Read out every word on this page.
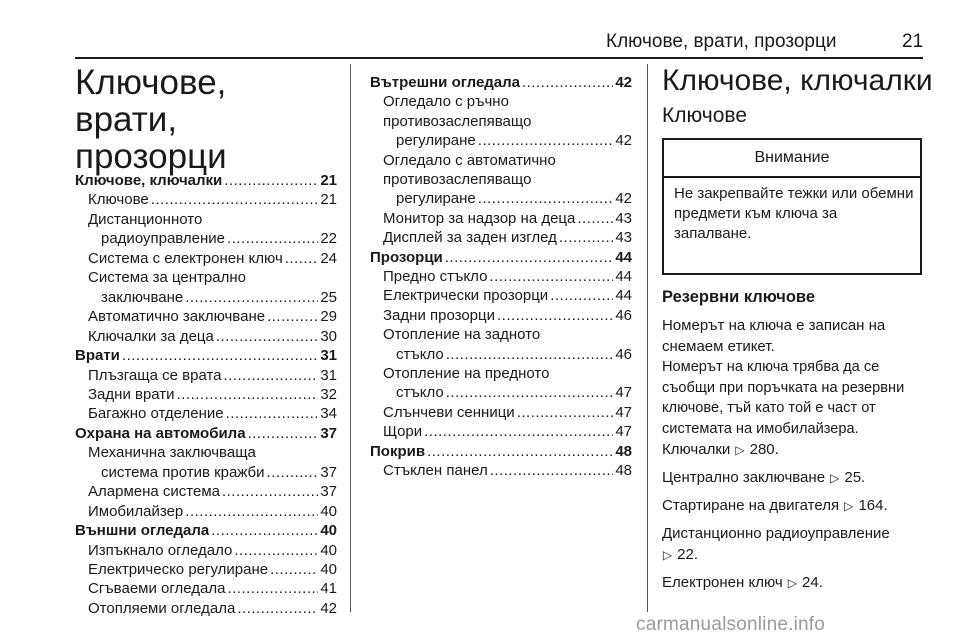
Ключове, врати, прозорци	21
Ключове, врати,
прозорци
Ключове, ключалки .....	21
Ключове .....	21
Дистанционното
радиоуправление .....	22
Система с електронен ключ .....	24
Система за централно
заключване .....	25
Автоматично заключване .....	29
Ключалки за деца .....	30
Врати .....	31
Плъзгаща се врата .....	31
Задни врати .....	32
Багажно отделение .....	34
Охрана на автомобила .....	37
Механична заключваща
система против кражби .....	37
Алармена система .....	37
Имобилайзер .....	40
Външни огледала .....	40
Изпъкнало огледало .....	40
Електрическо регулиране .....	40
Сгъваеми огледала .....	41
Отопляеми огледала .....	42
Вътрешни огледала .....	42
Огледало с ръчно
противозаслепяващо
регулиране .....	42
Огледало с автоматично
противозаслепяващо
регулиране .....	42
Монитор за надзор на деца .....	43
Дисплей за заден изглед .....	43
Прозорци .....	44
Предно стъкло .....	44
Електрически прозорци .....	44
Задни прозорци .....	46
Отопление на задното
стъкло .....	46
Отопление на предното
стъкло .....	47
Слънчеви сенници .....	47
Щори .....	47
Покрив .....	48
Стъклен панел .....	48
Ключове, ключалки
Ключове
Внимание
Не закрепвайте тежки или обемни предмети към ключа за запалване.
Резервни ключове
Номерът на ключа е записан на снемаем етикет.
Номерът на ключа трябва да се съобщи при поръчката на резервни ключове, тъй като той е част от системата на имобилайзера.
Ключалки ▷ 280.
Централно заключване ▷ 25.
Стартиране на двигателя ▷ 164.
Дистанционно радиоуправление
▷ 22.
Електронен ключ ▷ 24.
carmanualsonline.info
